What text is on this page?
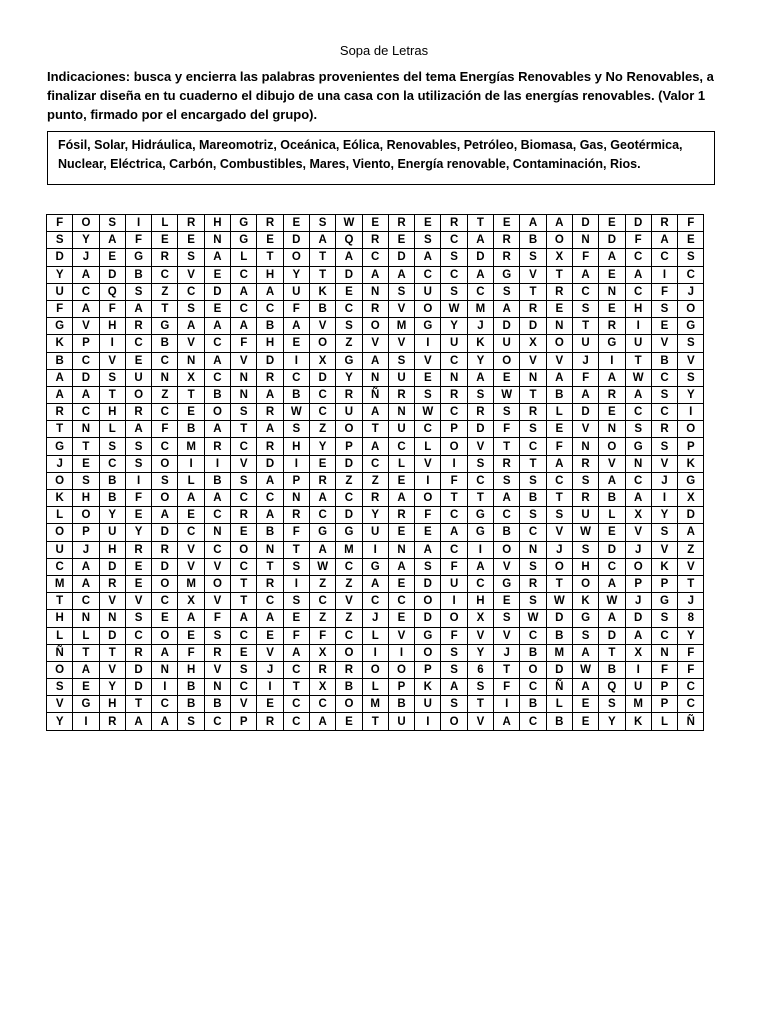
Sopa de Letras
Indicaciones: busca y encierra las palabras provenientes del tema Energías Renovables y No Renovables, a finalizar diseña en tu cuaderno el dibujo de una casa con la utilización de las energías renovables. (Valor 1 punto, firmado por el encargado del grupo).
Fósil, Solar, Hidráulica, Mareomotriz, Oceánica, Eólica, Renovables, Petróleo, Biomasa, Gas, Geotérmica,
Nuclear, Eléctrica, Carbón, Combustibles, Mares, Viento, Energía renovable, Contaminación, Rios.
F	O	S	I	L	R	H	G	R	E	S	W	E	R	E	R	T	E	A	A	D	E	D	R	F
S	Y	A	F	E	E	N	G	E	D	A	Q	R	E	S	C	A	R	B	O	N	D	F	A	E
D	J	E	G	R	S	A	L	T	O	T	A	C	D	A	S	D	R	S	X	F	A	C	C	S
Y	A	D	B	C	V	E	C	H	Y	T	D	A	A	C	C	A	G	V	T	A	E	A	I	C
U	C	Q	S	Z	C	D	A	A	U	K	E	N	S	U	S	C	S	T	R	C	N	C	F	J
F	A	F	A	T	S	E	C	C	F	B	C	R	V	O	W	M	A	R	E	S	E	H	S	O
G	V	H	R	G	A	A	A	B	A	V	S	O	M	G	Y	J	D	D	N	T	R	I	E	G
K	P	I	C	B	V	C	F	H	E	O	Z	V	V	I	U	K	U	X	O	U	G	U	V	S
B	C	V	E	C	N	A	V	D	I	X	G	A	S	V	C	Y	O	V	V	J	I	T	B	V
A	D	S	U	N	X	C	N	R	C	D	Y	N	U	E	N	A	E	N	A	F	A	W	C	S
A	A	T	O	Z	T	B	N	A	B	C	R	Ñ	R	S	R	S	W	T	B	A	R	A	S	Y
R	C	H	R	C	E	O	S	R	W	C	U	A	N	W	C	R	S	R	L	D	E	C	C	I
T	N	L	A	F	B	A	T	A	S	Z	O	T	U	C	P	D	F	S	E	V	N	S	R	O
G	T	S	S	C	M	R	C	R	H	Y	P	A	C	L	O	V	T	C	F	N	O	G	S	P
J	E	C	S	O	I	I	V	D	I	E	D	C	L	V	I	S	R	T	A	R	V	N	V	K
O	S	B	I	S	L	B	S	A	P	R	Z	Z	E	I	F	C	S	S	C	S	A	C	J	G
K	H	B	F	O	A	A	C	C	N	A	C	R	A	O	T	T	A	B	T	R	B	A	I	X
L	O	Y	E	A	E	C	R	A	R	C	D	Y	R	F	C	G	C	S	S	U	L	X	Y	D
O	P	U	Y	D	C	N	E	B	F	G	G	U	E	E	A	G	B	C	V	W	E	V	S	A
U	J	H	R	R	V	C	O	N	T	A	M	I	N	A	C	I	O	N	J	S	D	J	V	Z
C	A	D	E	D	V	V	C	T	S	W	C	G	A	S	F	A	V	S	O	H	C	O	K	V
M	A	R	E	O	M	O	T	R	I	Z	Z	A	E	D	U	C	G	R	T	O	A	P	P	T
T	C	V	V	C	X	V	T	C	S	C	V	C	C	O	I	H	E	S	W	K	W	J	G	J
H	N	N	S	E	A	F	A	A	E	Z	Z	J	E	D	O	X	S	W	D	G	A	D	S	8
L	L	D	C	O	E	S	C	E	F	F	C	L	V	G	F	V	V	C	B	S	D	A	C	Y
Ñ	T	T	R	A	F	R	E	V	A	X	O	I	I	O	S	Y	J	B	M	A	T	X	N	F
O	A	V	D	N	H	V	S	J	C	R	R	O	O	P	S	6	T	O	D	W	B	I	F	F
S	E	Y	D	I	B	N	C	I	T	X	B	L	P	K	A	S	F	C	Ñ	A	Q	U	P	C
V	G	H	T	C	B	B	V	E	C	C	O	M	B	U	S	T	I	B	L	E	S	M	P	C
Y	I	R	A	A	S	C	P	R	C	A	E	T	U	I	O	V	A	C	B	E	Y	K	L	Ñ
